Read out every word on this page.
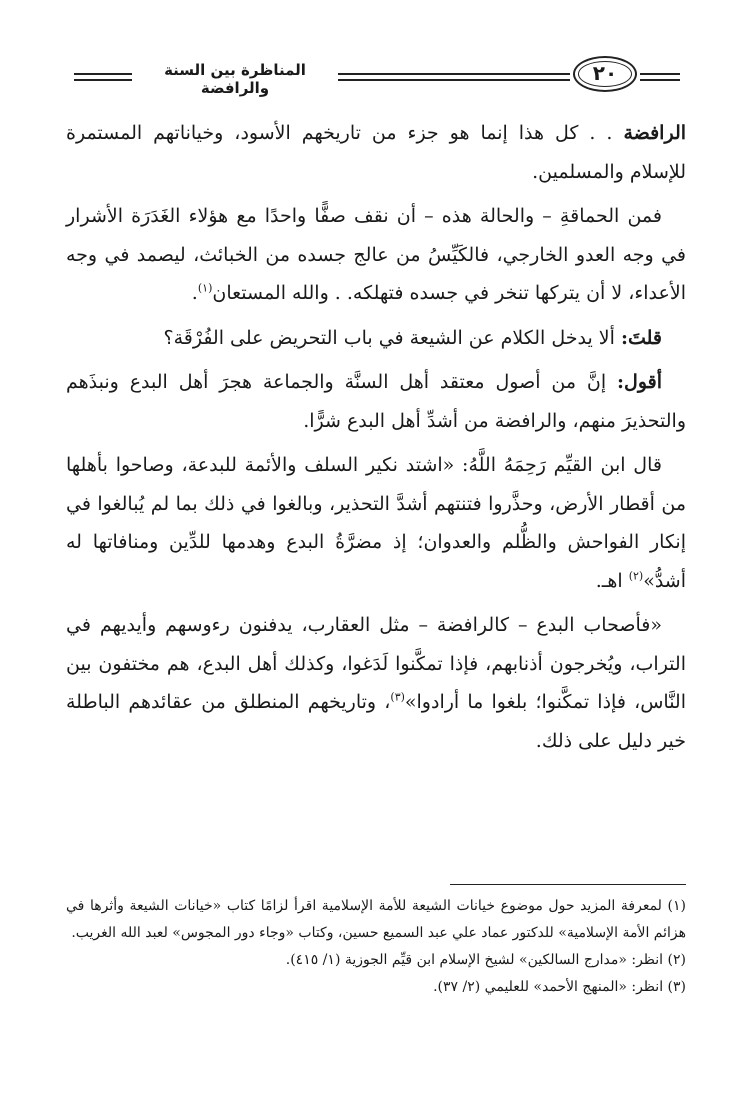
المناظرة بين السنة والرافضة
٢٠

الرافضة . . كل هذا إنما هو جزء من تاريخهم الأسود، وخياناتهم المستمرة للإسلام والمسلمين.

فمن الحماقةِ – والحالة هذه – أن نقف صفًّا واحدًا مع هؤلاء الغَدَرَة الأشرار في وجه العدو الخارجي، فالكَيِّسُ من عالج جسده من الخبائث، ليصمد في وجه الأعداء، لا أن يتركها تنخر في جسده فتهلكه. . والله المستعان$^{(١)}$.

قلتَ: ألا يدخل الكلام عن الشيعة في باب التحريض على الفُرْقَة؟

أقول: إنَّ من أصول معتقد أهل السنَّة والجماعة هجرَ أهل البدع ونبذَهم والتحذيرَ منهم، والرافضة من أشدِّ أهل البدع شرًّا.

قال ابن القيِّم رَحِمَهُ اللَّهُ: «اشتد نكير السلف والأئمة للبدعة، وصاحوا بأهلها من أقطار الأرض، وحذَّروا فتنتهم أشدَّ التحذير، وبالغوا في ذلك بما لم يُبالغوا في إنكار الفواحش والظُّلم والعدوان؛ إذ مضرَّةُ البدع وهدمها للدِّين ومنافاتها له أشدُّ»$^{(٢)}$ اهـ.

«فأصحاب البدع – كالرافضة – مثل العقارب، يدفنون رءوسهم وأيديهم في التراب، ويُخرجون أذنابهم، فإذا تمكَّنوا لَدَغوا، وكذلك أهل البدع، هم مختفون بين النَّاس، فإذا تمكَّنوا؛ بلغوا ما أرادوا»$^{(٣)}$، وتاريخهم المنطلق من عقائدهم الباطلة خير دليل على ذلك.

(١) لمعرفة المزيد حول موضوع خيانات الشيعة للأمة الإسلامية اقرأ لزامًا كتاب «خيانات الشيعة وأثرها في هزائم الأمة الإسلامية» للدكتور عماد علي عبد السميع حسين، وكتاب «وجاء دور المجوس» لعبد الله الغريب.

(٢) انظر: «مدارج السالكين» لشيخ الإسلام ابن قيِّم الجوزية (١/ ٤١٥).

(٣) انظر: «المنهج الأحمد» للعليمي (٢/ ٣٧).
